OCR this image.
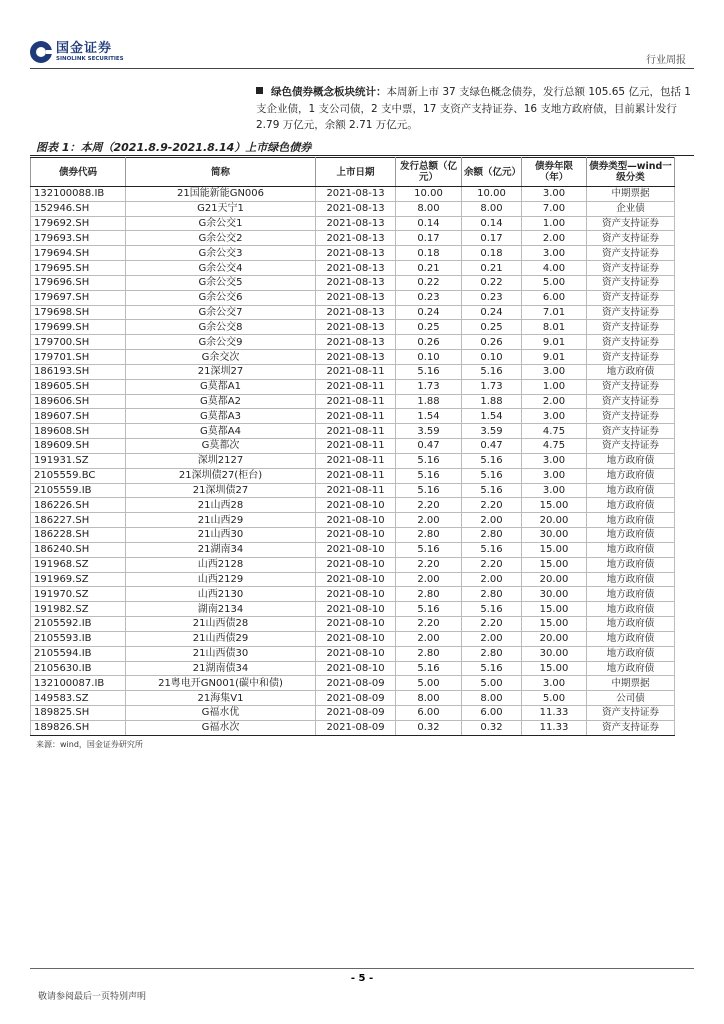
国金证券
SINOLINK SECURITIES	行业周报
绿色债券概念板块统计：本周新上市 37 支绿色概念债券，发行总额 105.65 亿元，包括 1 支企业债，1 支公司债，2 支中票，17 支资产支持证券、16 支地方政府债，目前累计发行 2.79 万亿元，余额 2.71 万亿元。
图表 1：本周（2021.8.9-2021.8.14）上市绿色债券
债券代码	简称	上市日期	发行总额（亿元）	余额（亿元）	债券年限（年）	债券类型—wind一级分类
132100088.IB	21国能新能GN006	2021-08-13	10.00	10.00	3.00	中期票据
152946.SH	G21天宁1	2021-08-13	8.00	8.00	7.00	企业债
179692.SH	G余公交1	2021-08-13	0.14	0.14	1.00	资产支持证券
179693.SH	G余公交2	2021-08-13	0.17	0.17	2.00	资产支持证券
179694.SH	G余公交3	2021-08-13	0.18	0.18	3.00	资产支持证券
179695.SH	G余公交4	2021-08-13	0.21	0.21	4.00	资产支持证券
179696.SH	G余公交5	2021-08-13	0.22	0.22	5.00	资产支持证券
179697.SH	G余公交6	2021-08-13	0.23	0.23	6.00	资产支持证券
179698.SH	G余公交7	2021-08-13	0.24	0.24	7.01	资产支持证券
179699.SH	G余公交8	2021-08-13	0.25	0.25	8.01	资产支持证券
179700.SH	G余公交9	2021-08-13	0.26	0.26	9.01	资产支持证券
179701.SH	G余交次	2021-08-13	0.10	0.10	9.01	资产支持证券
186193.SH	21深圳27	2021-08-11	5.16	5.16	3.00	地方政府债
189605.SH	G莫都A1	2021-08-11	1.73	1.73	1.00	资产支持证券
189606.SH	G莫都A2	2021-08-11	1.88	1.88	2.00	资产支持证券
189607.SH	G莫都A3	2021-08-11	1.54	1.54	3.00	资产支持证券
189608.SH	G莫都A4	2021-08-11	3.59	3.59	4.75	资产支持证券
189609.SH	G莫都次	2021-08-11	0.47	0.47	4.75	资产支持证券
191931.SZ	深圳2127	2021-08-11	5.16	5.16	3.00	地方政府债
2105559.BC	21深圳债27(柜台)	2021-08-11	5.16	5.16	3.00	地方政府债
2105559.IB	21深圳债27	2021-08-11	5.16	5.16	3.00	地方政府债
186226.SH	21山西28	2021-08-10	2.20	2.20	15.00	地方政府债
186227.SH	21山西29	2021-08-10	2.00	2.00	20.00	地方政府债
186228.SH	21山西30	2021-08-10	2.80	2.80	30.00	地方政府债
186240.SH	21湖南34	2021-08-10	5.16	5.16	15.00	地方政府债
191968.SZ	山西2128	2021-08-10	2.20	2.20	15.00	地方政府债
191969.SZ	山西2129	2021-08-10	2.00	2.00	20.00	地方政府债
191970.SZ	山西2130	2021-08-10	2.80	2.80	30.00	地方政府债
191982.SZ	湖南2134	2021-08-10	5.16	5.16	15.00	地方政府债
2105592.IB	21山西债28	2021-08-10	2.20	2.20	15.00	地方政府债
2105593.IB	21山西债29	2021-08-10	2.00	2.00	20.00	地方政府债
2105594.IB	21山西债30	2021-08-10	2.80	2.80	30.00	地方政府债
2105630.IB	21湖南债34	2021-08-10	5.16	5.16	15.00	地方政府债
132100087.IB	21粤电开GN001(碳中和债)	2021-08-09	5.00	5.00	3.00	中期票据
149583.SZ	21海集V1	2021-08-09	8.00	8.00	5.00	公司债
189825.SH	G福水优	2021-08-09	6.00	6.00	11.33	资产支持证券
189826.SH	G福水次	2021-08-09	0.32	0.32	11.33	资产支持证券
来源：wind，国金证券研究所
- 5 -
敬请参阅最后一页特别声明
